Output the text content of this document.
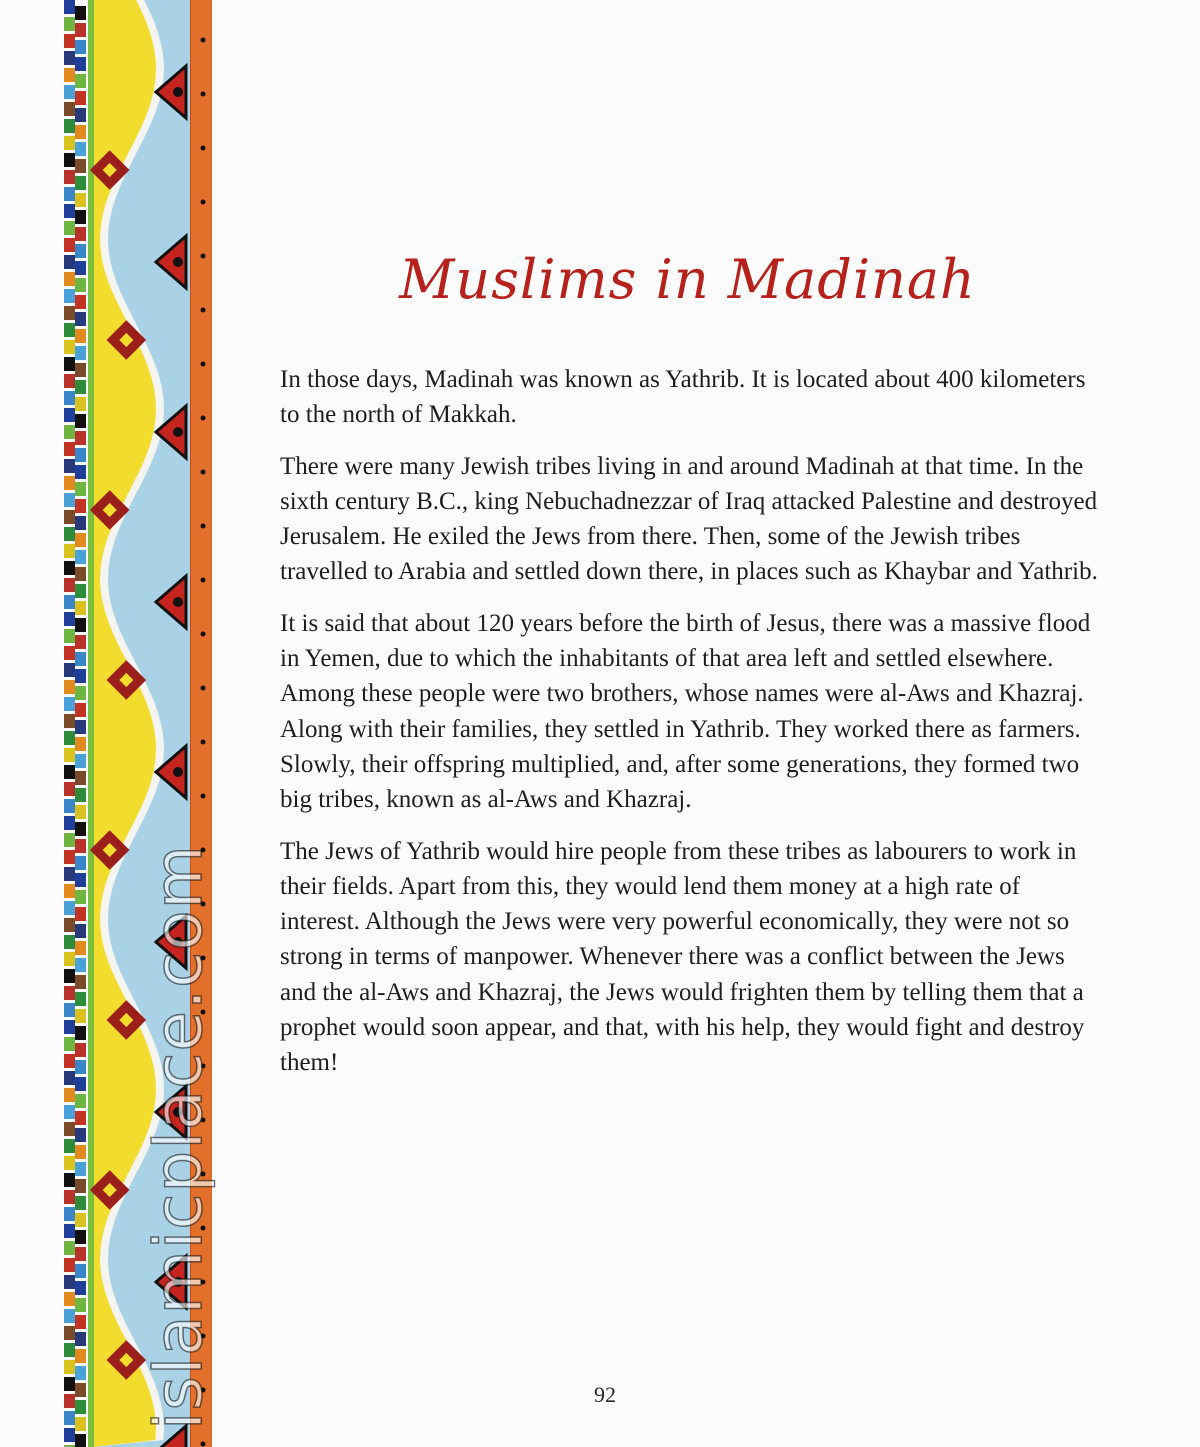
islamicplace.com
Muslims in Madinah

In those days, Madinah was known as Yathrib. It is located about 400 kilometers to the north of Makkah.

There were many Jewish tribes living in and around Madinah at that time. In the sixth century B.C., king Nebuchadnezzar of Iraq attacked Palestine and destroyed Jerusalem. He exiled the Jews from there. Then, some of the Jewish tribes travelled to Arabia and settled down there, in places such as Khaybar and Yathrib.

It is said that about 120 years before the birth of Jesus, there was a massive flood in Yemen, due to which the inhabitants of that area left and settled elsewhere. Among these people were two brothers, whose names were al-Aws and Khazraj. Along with their families, they settled in Yathrib. They worked there as farmers. Slowly, their offspring multiplied, and, after some generations, they formed two big tribes, known as al-Aws and Khazraj.

The Jews of Yathrib would hire people from these tribes as labourers to work in their fields. Apart from this, they would lend them money at a high rate of interest. Although the Jews were very powerful economically, they were not so strong in terms of manpower. Whenever there was a conflict between the Jews and the al-Aws and Khazraj, the Jews would frighten them by telling them that a prophet would soon appear, and that, with his help, they would fight and destroy them!

92
